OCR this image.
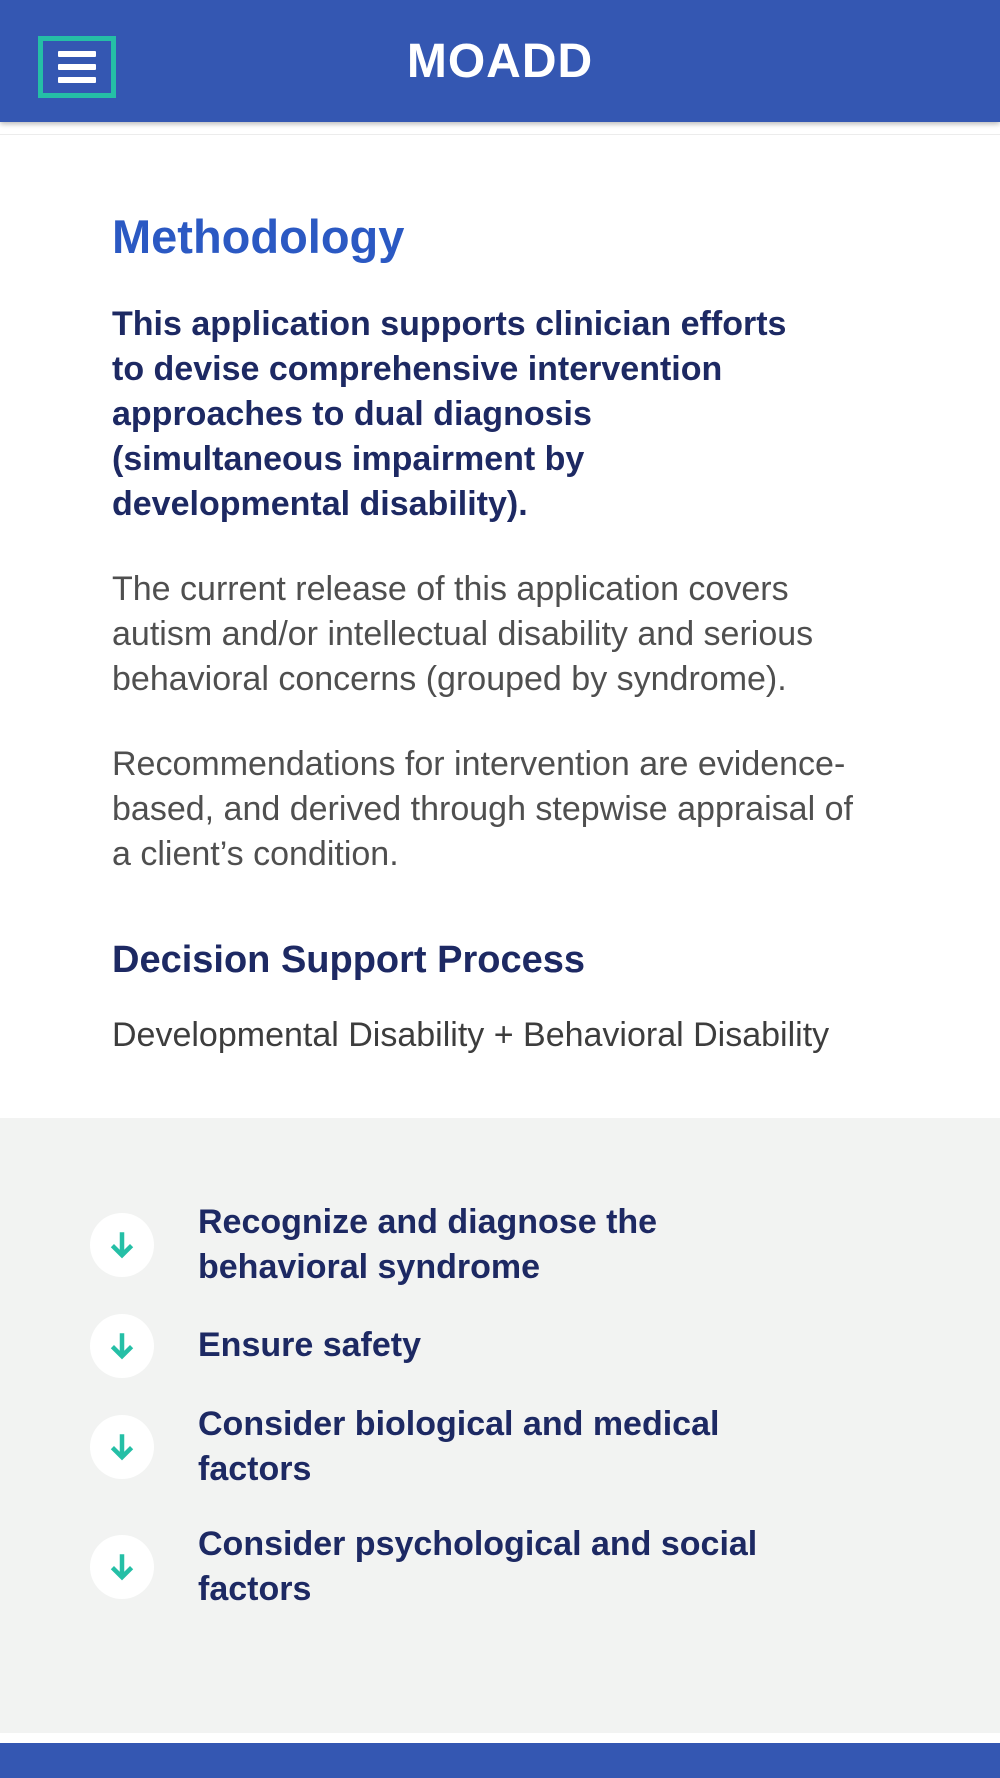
MOADD
Methodology

This application supports clinician efforts to devise comprehensive intervention approaches to dual diagnosis (simultaneous impairment by developmental disability).

The current release of this application covers autism and/or intellectual disability and serious behavioral concerns (grouped by syndrome).

Recommendations for intervention are evidence-based, and derived through stepwise appraisal of a client’s condition.

Decision Support Process

Developmental Disability + Behavioral Disability

Recognize and diagnose the behavioral syndrome
Ensure safety
Consider biological and medical factors
Consider psychological and social factors
